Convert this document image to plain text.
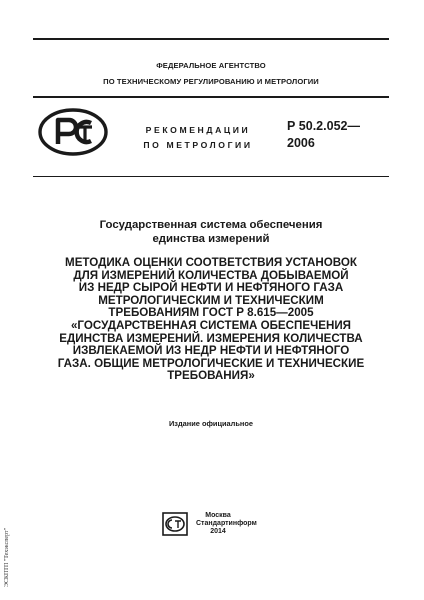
ФЕДЕРАЛЬНОЕ АГЕНТСТВО
ПО ТЕХНИЧЕСКОМУ РЕГУЛИРОВАНИЮ И МЕТРОЛОГИИ
РЕКОМЕНДАЦИИ
ПО МЕТРОЛОГИИ
Р 50.2.052—
2006
Государственная система обеспечения
единства измерений
МЕТОДИКА ОЦЕНКИ СООТВЕТСТВИЯ УСТАНОВОК
ДЛЯ ИЗМЕРЕНИЙ КОЛИЧЕСТВА ДОБЫВАЕМОЙ
ИЗ НЕДР СЫРОЙ НЕФТИ И НЕФТЯНОГО ГАЗА
МЕТРОЛОГИЧЕСКИМ И ТЕХНИЧЕСКИМ
ТРЕБОВАНИЯМ ГОСТ Р 8.615—2005
«ГОСУДАРСТВЕННАЯ СИСТЕМА ОБЕСПЕЧЕНИЯ
ЕДИНСТВА ИЗМЕРЕНИЙ. ИЗМЕРЕНИЯ КОЛИЧЕСТВА
ИЗВЛЕКАЕМОЙ ИЗ НЕДР НЕФТИ И НЕФТЯНОГО
ГАЗА. ОБЩИЕ МЕТРОЛОГИЧЕСКИЕ И ТЕХНИЧЕСКИЕ
ТРЕБОВАНИЯ»
Издание официальное
Москва
Стандартинформ
2014
ЭСКПТП "Техэксперт"
